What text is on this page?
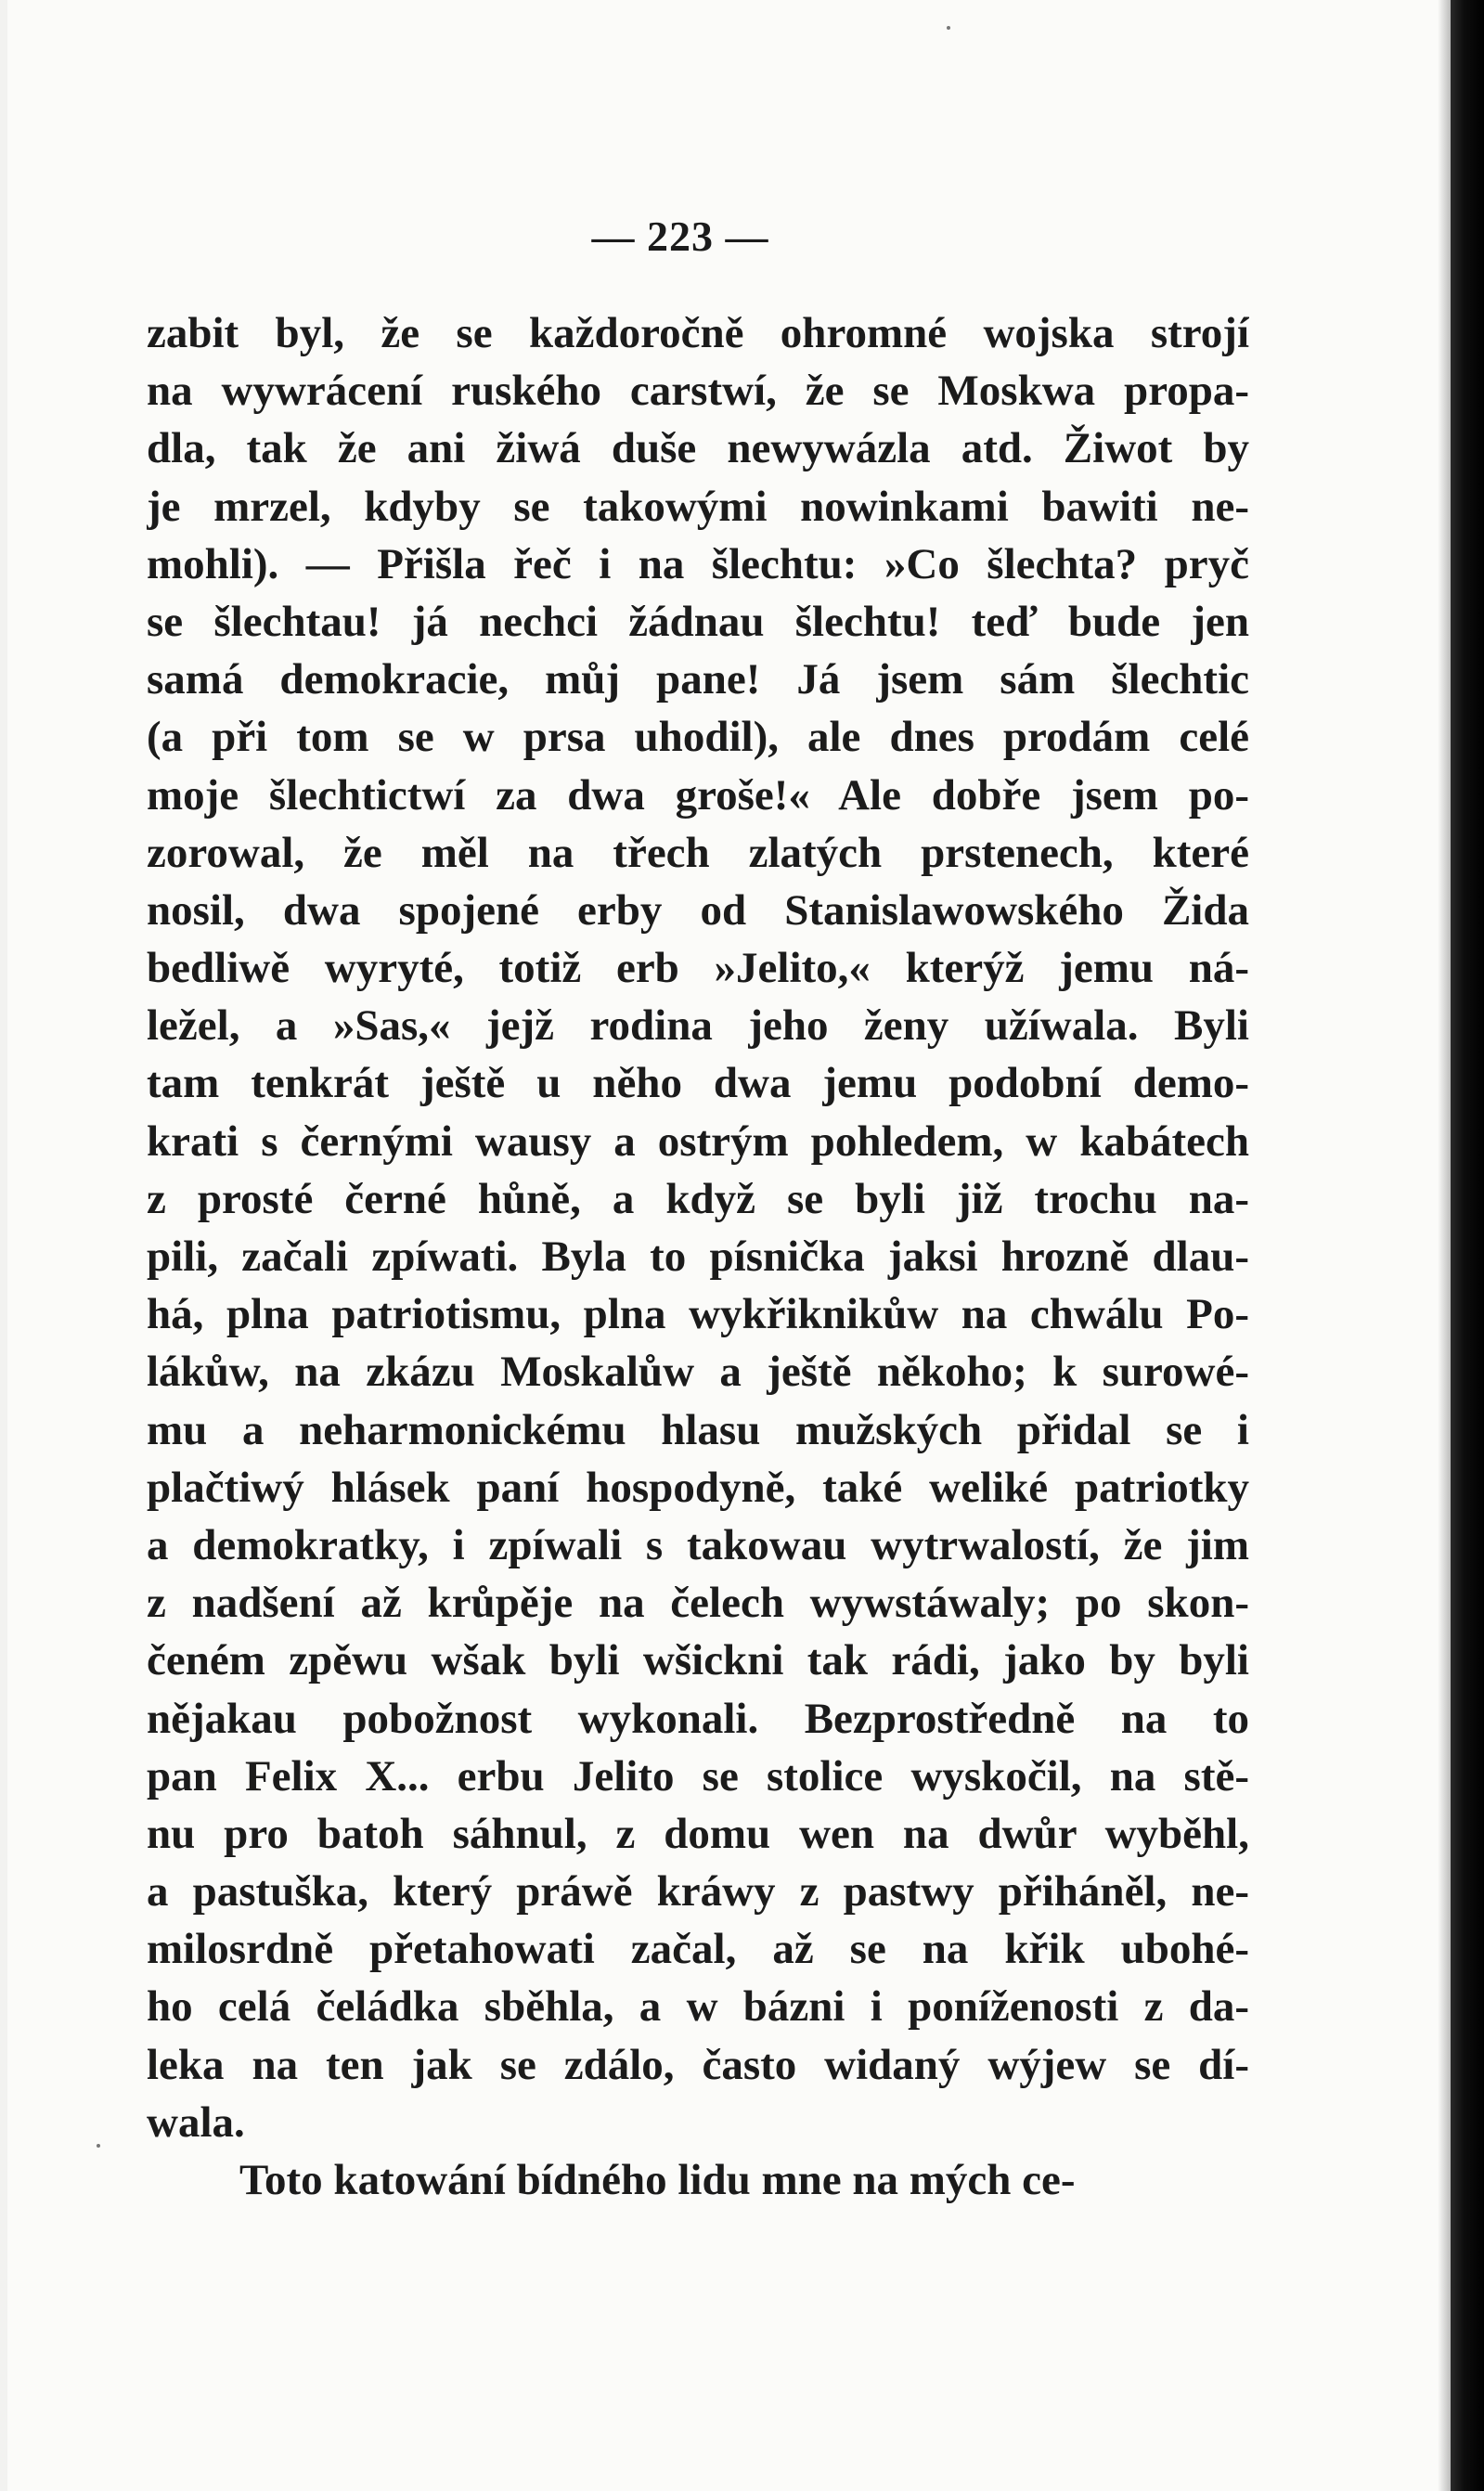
— 223 —
zabit byl, že se každoročně ohromné wojska strojí
na wywrácení ruského carstwí, že se Moskwa propa-
dla, tak že ani žiwá duše newywázla atd. Žiwot by
je mrzel, kdyby se takowými nowinkami bawiti ne-
mohli). — Přišla řeč i na šlechtu: »Co šlechta? pryč
se šlechtau! já nechci žádnau šlechtu! teď bude jen
samá demokracie, můj pane! Já jsem sám šlechtic
(a při tom se w prsa uhodil), ale dnes prodám celé
moje šlechtictwí za dwa groše!« Ale dobře jsem po-
zorowal, že měl na třech zlatých prstenech, které
nosil, dwa spojené erby od Stanislawowského Žida
bedliwě wyryté, totiž erb »Jelito,« kterýž jemu ná-
ležel, a »Sas,« jejž rodina jeho ženy užíwala. Byli
tam tenkrát ještě u něho dwa jemu podobní demo-
krati s černými wausy a ostrým pohledem, w kabátech
z prosté černé hůně, a když se byli již trochu na-
pili, začali zpíwati. Byla to písnička jaksi hrozně dlau-
há, plna patriotismu, plna wykřiknikůw na chwálu Po-
lákůw, na zkázu Moskalůw a ještě někoho; k surowé-
mu a neharmonickému hlasu mužských přidal se i
plačtiwý hlásek paní hospodyně, také weliké patriotky
a demokratky, i zpíwali s takowau wytrwalostí, že jim
z nadšení až krůpěje na čelech wywstáwaly; po skon-
čeném zpěwu wšak byli wšickni tak rádi, jako by byli
nějakau pobožnost wykonali. Bezprostředně na to
pan Felix X... erbu Jelito se stolice wyskočil, na stě-
nu pro batoh sáhnul, z domu wen na dwůr wyběhl,
a pastuška, který práwě kráwy z pastwy přiháněl, ne-
milosrdně přetahowati začal, až se na křik ubohé-
ho celá čeládka sběhla, a w bázni i poníženosti z da-
leka na ten jak se zdálo, často widaný wýjew se dí-
wala.
Toto katowání bídného lidu mne na mých ce-
